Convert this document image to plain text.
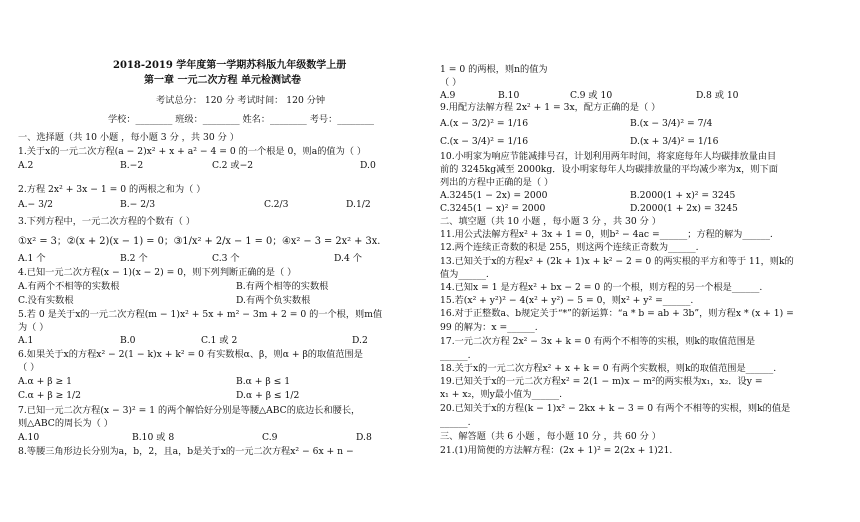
2018-2019 学年度第一学期苏科版九年级数学上册
第一章 一元二次方程 单元检测试卷
考试总分： 120 分 考试时间： 120 分钟
学校：________ 班级：________ 姓名：________ 考号：________
一、选择题（共 10 小题 ，每小题 3 分 ，共 30 分 ）
1.关于x的一元二次方程(a − 2)x² + x + a² − 4 = 0 的一个根是 0，则a的值为（ ）
A.2	B.−2	C.2 或−2	D.0
2.方程 2x² + 3x − 1 = 0 的两根之和为（ ）
A.− 3/2	B.− 2/3	C.2/3	D.1/2
3.下列方程中，一元二次方程的个数有（ ）
①x² = 3；②(x + 2)(x − 1) = 0；③1/x² + 2/x − 1 = 0；④x² − 3 = 2x² + 3x.
A.1 个	B.2 个	C.3 个	D.4 个
4.已知一元二次方程(x − 1)(x − 2) = 0，则下列判断正确的是（ ）
A.有两个不相等的实数根	B.有两个相等的实数根
C.没有实数根	D.有两个负实数根
5.若 0 是关于x的一元二次方程(m − 1)x² + 5x + m² − 3m + 2 = 0 的一个根，则m值
为（ ）
A.1	B.0	C.1 或 2	D.2
6.如果关于x的方程x² − 2(1 − k)x + k² = 0 有实数根α、β，则α + β的取值范围是
（ ）
A.α + β ≥ 1	B.α + β ≤ 1
C.α + β ≥ 1/2	D.α + β ≤ 1/2
7.已知一元二次方程(x − 3)² = 1 的两个解恰好分别是等腰△ABC的底边长和腰长，
则△ABC的周长为（ ）
A.10	B.10 或 8	C.9	D.8
8.等腰三角形边长分别为a，b，2，且a，b是关于x的一元二次方程x² − 6x + n −
1 = 0 的两根，则n的值为
（ ）
A.9	B.10	C.9 或 10	D.8 或 10
9.用配方法解方程 2x² + 1 = 3x，配方正确的是（ ）
A.(x − 3/2)² = 1/16	B.(x − 3/4)² = 7/4
C.(x − 3/4)² = 1/16	D.(x + 3/4)² = 1/16
10.小明家为响应节能减排号召，计划利用两年时间，将家庭每年人均碳排放量由目
前的 3245kg减至 2000kg．设小明家每年人均碳排放量的平均减少率为x，则下面
列出的方程中正确的是（ ）
A.3245(1 − 2x) = 2000	B.2000(1 + x)² = 3245
C.3245(1 − x)² = 2000	D.2000(1 + 2x) = 3245
二、填空题（共 10 小题 ，每小题 3 分 ，共 30 分 ）
11.用公式法解方程x² + 3x + 1 = 0，则b² − 4ac =______；方程的解为______.
12.两个连续正奇数的积是 255，则这两个连续正奇数为______.
13.已知关于x的方程x² + (2k + 1)x + k² − 2 = 0 的两实根的平方和等于 11，则k的
值为______.
14.已知x = 1 是方程x² + bx − 2 = 0 的一个根，则方程的另一个根是______.
15.若(x² + y²)² − 4(x² + y²) − 5 = 0，则x² + y² =______.
16.对于正整数a、b规定关于“*”的新运算：“a * b = ab + 3b”，则方程x * (x + 1) =
99 的解为：x =______.
17.一元二次方程 2x² − 3x + k = 0 有两个不相等的实根，则k的取值范围是
______.
18.关于x的一元二次方程x² + x + k = 0 有两个实数根，则k的取值范围是______.
19.已知关于x的一元二次方程x² = 2(1 − m)x − m²的两实根为x₁，x₂．设y =
x₁ + x₂，则y最小值为______.
20.已知关于x的方程(k − 1)x² − 2kx + k − 3 = 0 有两个不相等的实根，则k的值是
______.
三、解答题（共 6 小题 ，每小题 10 分 ，共 60 分 ）
21.(1)用简便的方法解方程：(2x + 1)² = 2(2x + 1)21.
